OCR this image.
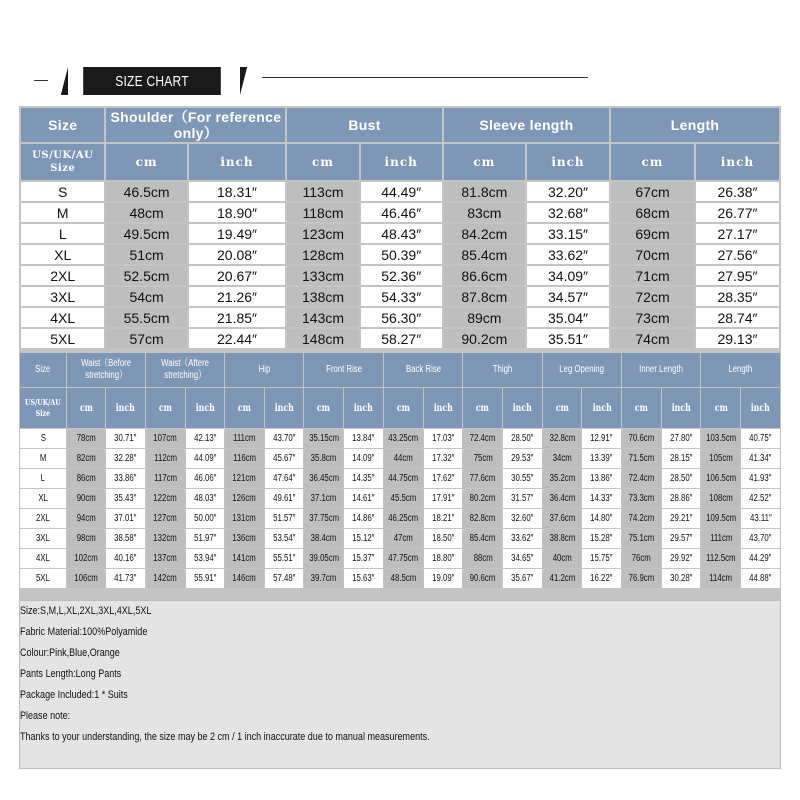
SIZE CHART
Size	Shoulder（For reference only）		Bust		Sleeve length		Length	
US/UK/AU Size	cm	inch	cm	inch	cm	inch	cm	inch
S	46.5cm	18.31″	113cm	44.49″	81.8cm	32.20″	67cm	26.38″
M	48cm	18.90″	118cm	46.46″	83cm	32.68″	68cm	26.77″
L	49.5cm	19.49″	123cm	48.43″	84.2cm	33.15″	69cm	27.17″
XL	51cm	20.08″	128cm	50.39″	85.4cm	33.62″	70cm	27.56″
2XL	52.5cm	20.67″	133cm	52.36″	86.6cm	34.09″	71cm	27.95″
3XL	54cm	21.26″	138cm	54.33″	87.8cm	34.57″	72cm	28.35″
4XL	55.5cm	21.85″	143cm	56.30″	89cm	35.04″	73cm	28.74″
5XL	57cm	22.44″	148cm	58.27″	90.2cm	35.51″	74cm	29.13″
Size	Waist（Before stretching）		Waist（Aftere stretching）		Hip		Front Rise		Back Rise		Thigh		Leg Opening		Inner Length		Length	
US/UK/AU Size	cm	inch	cm	inch	cm	inch	cm	inch	cm	inch	cm	inch	cm	inch	cm	inch	cm	inch
S	78cm	30.71″	107cm	42.13″	111cm	43.70″	35.15cm	13.84″	43.25cm	17.03″	72.4cm	28.50″	32.8cm	12.91″	70.6cm	27.80″	103.5cm	40.75″
M	82cm	32.28″	112cm	44.09″	116cm	45.67″	35.8cm	14.09″	44cm	17.32″	75cm	29.53″	34cm	13.39″	71.5cm	28.15″	105cm	41.34″
L	86cm	33.86″	117cm	46.06″	121cm	47.64″	36.45cm	14.35″	44.75cm	17.62″	77.6cm	30.55″	35.2cm	13.86″	72.4cm	28.50″	106.5cm	41.93″
XL	90cm	35.43″	122cm	48.03″	126cm	49.61″	37.1cm	14.61″	45.5cm	17.91″	80.2cm	31.57″	36.4cm	14.33″	73.3cm	28.86″	108cm	42.52″
2XL	94cm	37.01″	127cm	50.00″	131cm	51.57″	37.75cm	14.86″	46.25cm	18.21″	82.8cm	32.60″	37.6cm	14.80″	74.2cm	29.21″	109.5cm	43.11″
3XL	98cm	38.58″	132cm	51.97″	136cm	53.54″	38.4cm	15.12″	47cm	18.50″	85.4cm	33.62″	38.8cm	15.28″	75.1cm	29.57″	111cm	43.70″
4XL	102cm	40.16″	137cm	53.94″	141cm	55.51″	39.05cm	15.37″	47.75cm	18.80″	88cm	34.65″	40cm	15.75″	76cm	29.92″	112.5cm	44.29″
5XL	106cm	41.73″	142cm	55.91″	146cm	57.48″	39.7cm	15.63″	48.5cm	19.09″	90.6cm	35.67″	41.2cm	16.22″	76.9cm	30.28″	114cm	44.88″
Size:S,M,L,XL,2XL,3XL,4XL,5XL
Fabric Material:100%Polyamide
Colour:Pink,Blue,Orange
Pants Length:Long Pants
Package Included:1 * Suits
Please note:
Thanks to your understanding, the size may be 2 cm / 1 inch inaccurate due to manual measurements.
